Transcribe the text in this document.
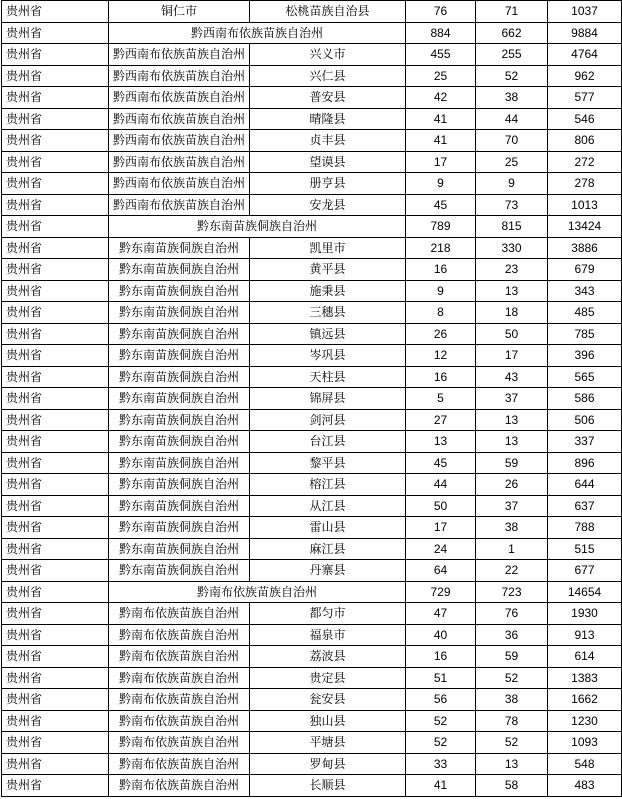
贵州省	铜仁市	松桃苗族自治县	76	71	1037
贵州省	黔西南布依族苗族自治州		884	662	9884
贵州省	黔西南布依族苗族自治州	兴义市	455	255	4764
贵州省	黔西南布依族苗族自治州	兴仁县	25	52	962
贵州省	黔西南布依族苗族自治州	普安县	42	38	577
贵州省	黔西南布依族苗族自治州	晴隆县	41	44	546
贵州省	黔西南布依族苗族自治州	贞丰县	41	70	806
贵州省	黔西南布依族苗族自治州	望谟县	17	25	272
贵州省	黔西南布依族苗族自治州	册亨县	9	9	278
贵州省	黔西南布依族苗族自治州	安龙县	45	73	1013
贵州省	黔东南苗族侗族自治州		789	815	13424
贵州省	黔东南苗族侗族自治州	凯里市	218	330	3886
贵州省	黔东南苗族侗族自治州	黄平县	16	23	679
贵州省	黔东南苗族侗族自治州	施秉县	9	13	343
贵州省	黔东南苗族侗族自治州	三穗县	8	18	485
贵州省	黔东南苗族侗族自治州	镇远县	26	50	785
贵州省	黔东南苗族侗族自治州	岑巩县	12	17	396
贵州省	黔东南苗族侗族自治州	天柱县	16	43	565
贵州省	黔东南苗族侗族自治州	锦屏县	5	37	586
贵州省	黔东南苗族侗族自治州	剑河县	27	13	506
贵州省	黔东南苗族侗族自治州	台江县	13	13	337
贵州省	黔东南苗族侗族自治州	黎平县	45	59	896
贵州省	黔东南苗族侗族自治州	榕江县	44	26	644
贵州省	黔东南苗族侗族自治州	从江县	50	37	637
贵州省	黔东南苗族侗族自治州	雷山县	17	38	788
贵州省	黔东南苗族侗族自治州	麻江县	24	1	515
贵州省	黔东南苗族侗族自治州	丹寨县	64	22	677
贵州省	黔南布依族苗族自治州		729	723	14654
贵州省	黔南布依族苗族自治州	都匀市	47	76	1930
贵州省	黔南布依族苗族自治州	福泉市	40	36	913
贵州省	黔南布依族苗族自治州	荔波县	16	59	614
贵州省	黔南布依族苗族自治州	贵定县	51	52	1383
贵州省	黔南布依族苗族自治州	瓮安县	56	38	1662
贵州省	黔南布依族苗族自治州	独山县	52	78	1230
贵州省	黔南布依族苗族自治州	平塘县	52	52	1093
贵州省	黔南布依族苗族自治州	罗甸县	33	13	548
贵州省	黔南布依族苗族自治州	长顺县	41	58	483
